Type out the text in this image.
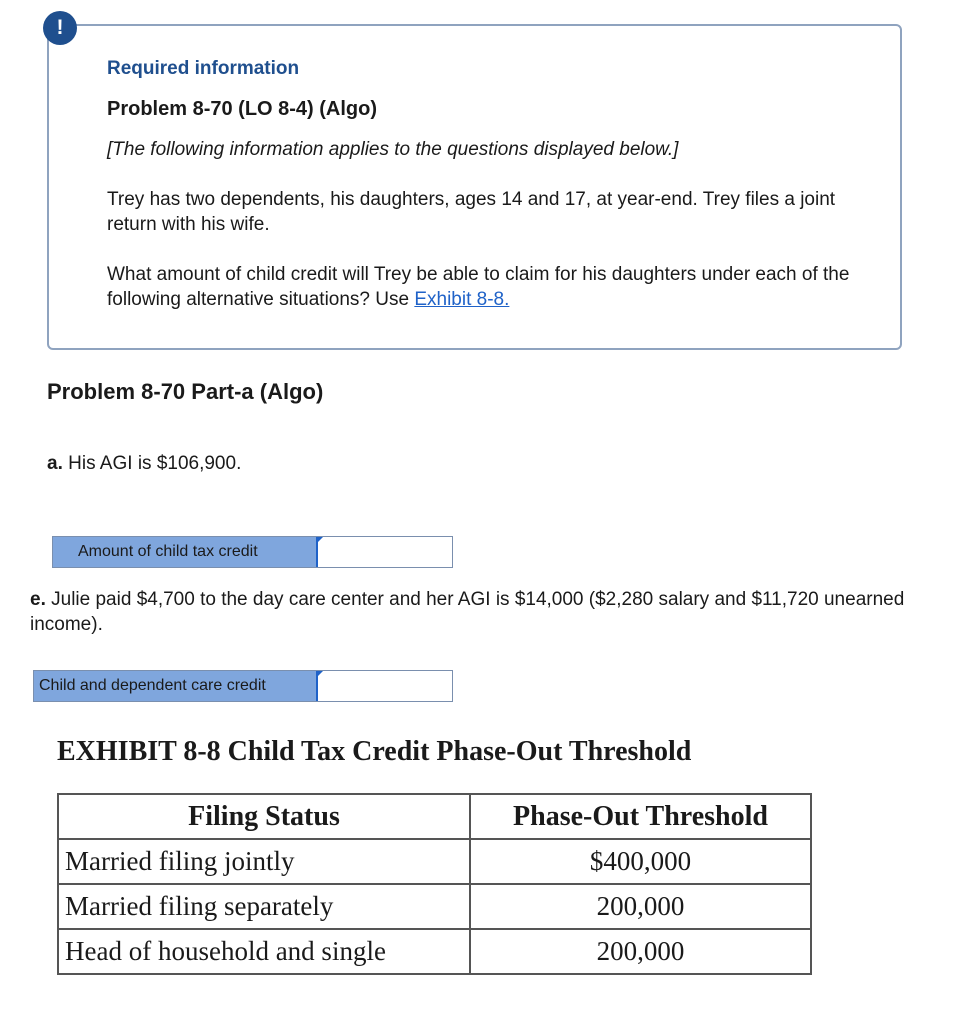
!
Required information
Problem 8-70 (LO 8-4) (Algo)
[The following information applies to the questions displayed below.]
Trey has two dependents, his daughters, ages 14 and 17, at year-end. Trey files a joint return with his wife.
What amount of child credit will Trey be able to claim for his daughters under each of the following alternative situations? Use Exhibit 8-8.
Problem 8-70 Part-a (Algo)
a. His AGI is $106,900.
Amount of child tax credit
e. Julie paid $4,700 to the day care center and her AGI is $14,000 ($2,280 salary and $11,720 unearned income).
Child and dependent care credit
EXHIBIT 8-8 Child Tax Credit Phase-Out Threshold
Filing Status	Phase-Out Threshold
Married filing jointly	$400,000
Married filing separately	200,000
Head of household and single	200,000
